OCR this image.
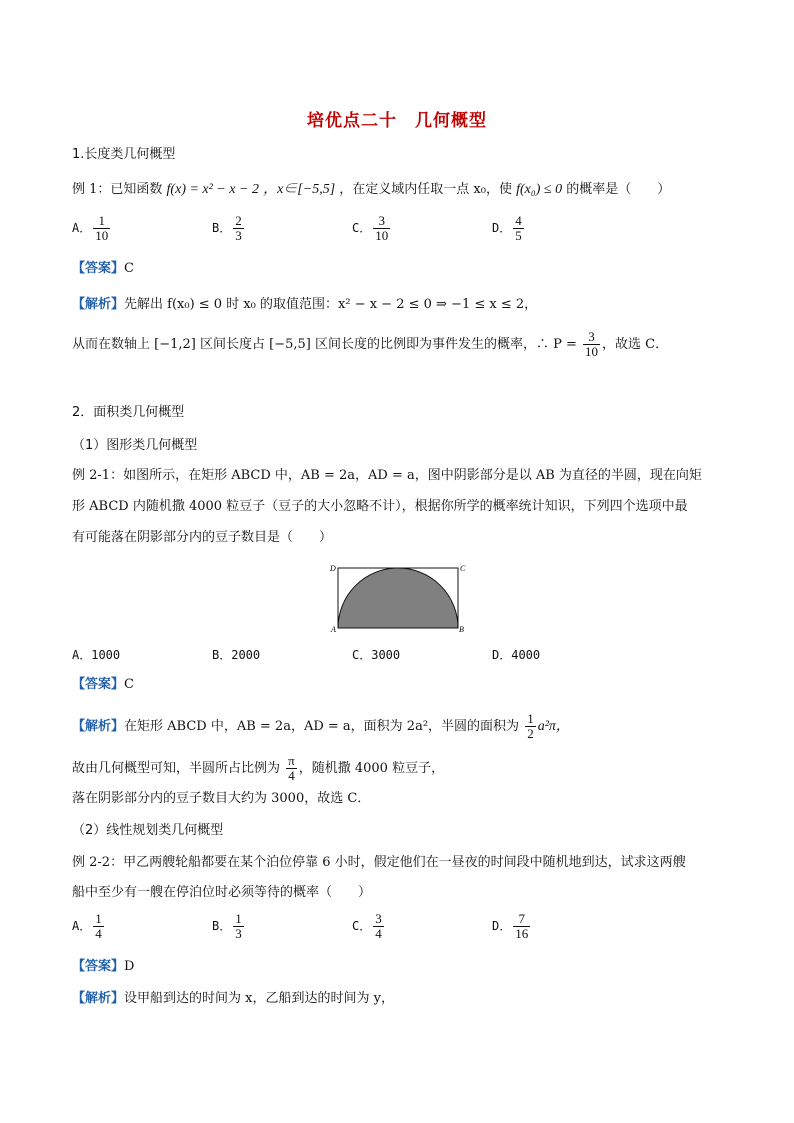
培优点二十　几何概型
1.长度类几何概型
例 1：已知函数 f(x) = x² − x − 2 ，x∈[−5,5] ，在定义域内任取一点 x₀，使 f(x₀) ≤ 0 的概率是（　　）
A． $\frac{1}{10}$	B． $\frac{2}{3}$	C． $\frac{3}{10}$	D． $\frac{4}{5}$
【答案】C
【解析】先解出 f(x₀) ≤ 0 时 x₀ 的取值范围：x² − x − 2 ≤ 0 ⇒ −1 ≤ x ≤ 2，
从而在数轴上 [−1,2] 区间长度占 [−5,5] 区间长度的比例即为事件发生的概率，∴ $P = \frac{3}{10}$ ，故选 C．
2．面积类几何概型
（1）图形类几何概型
例 2-1：如图所示，在矩形 ABCD 中，AB = 2a，AD = a，图中阴影部分是以 AB 为直径的半圆，现在向矩
形 ABCD 内随机撒 4000 粒豆子（豆子的大小忽略不计），根据你所学的概率统计知识，下列四个选项中最
有可能落在阴影部分内的豆子数目是（　　）
D	C
A	B
A．1000	B．2000	C．3000	D．4000
【答案】C
【解析】在矩形 ABCD 中，AB = 2a，AD = a，面积为 2a²，半圆的面积为 $\frac{1}{2} a^2\pi$，
故由几何概型可知，半圆所占比例为 $\frac{\pi}{4}$ ，随机撒 4000 粒豆子，
落在阴影部分内的豆子数目大约为 3000，故选 C．
（2）线性规划类几何概型
例 2-2：甲乙两艘轮船都要在某个泊位停靠 6 小时，假定他们在一昼夜的时间段中随机地到达，试求这两艘
船中至少有一艘在停泊位时必须等待的概率（　　）
A． $\frac{1}{4}$	B． $\frac{1}{3}$	C． $\frac{3}{4}$	D． $\frac{7}{16}$
【答案】D
【解析】设甲船到达的时间为 x，乙船到达的时间为 y，
